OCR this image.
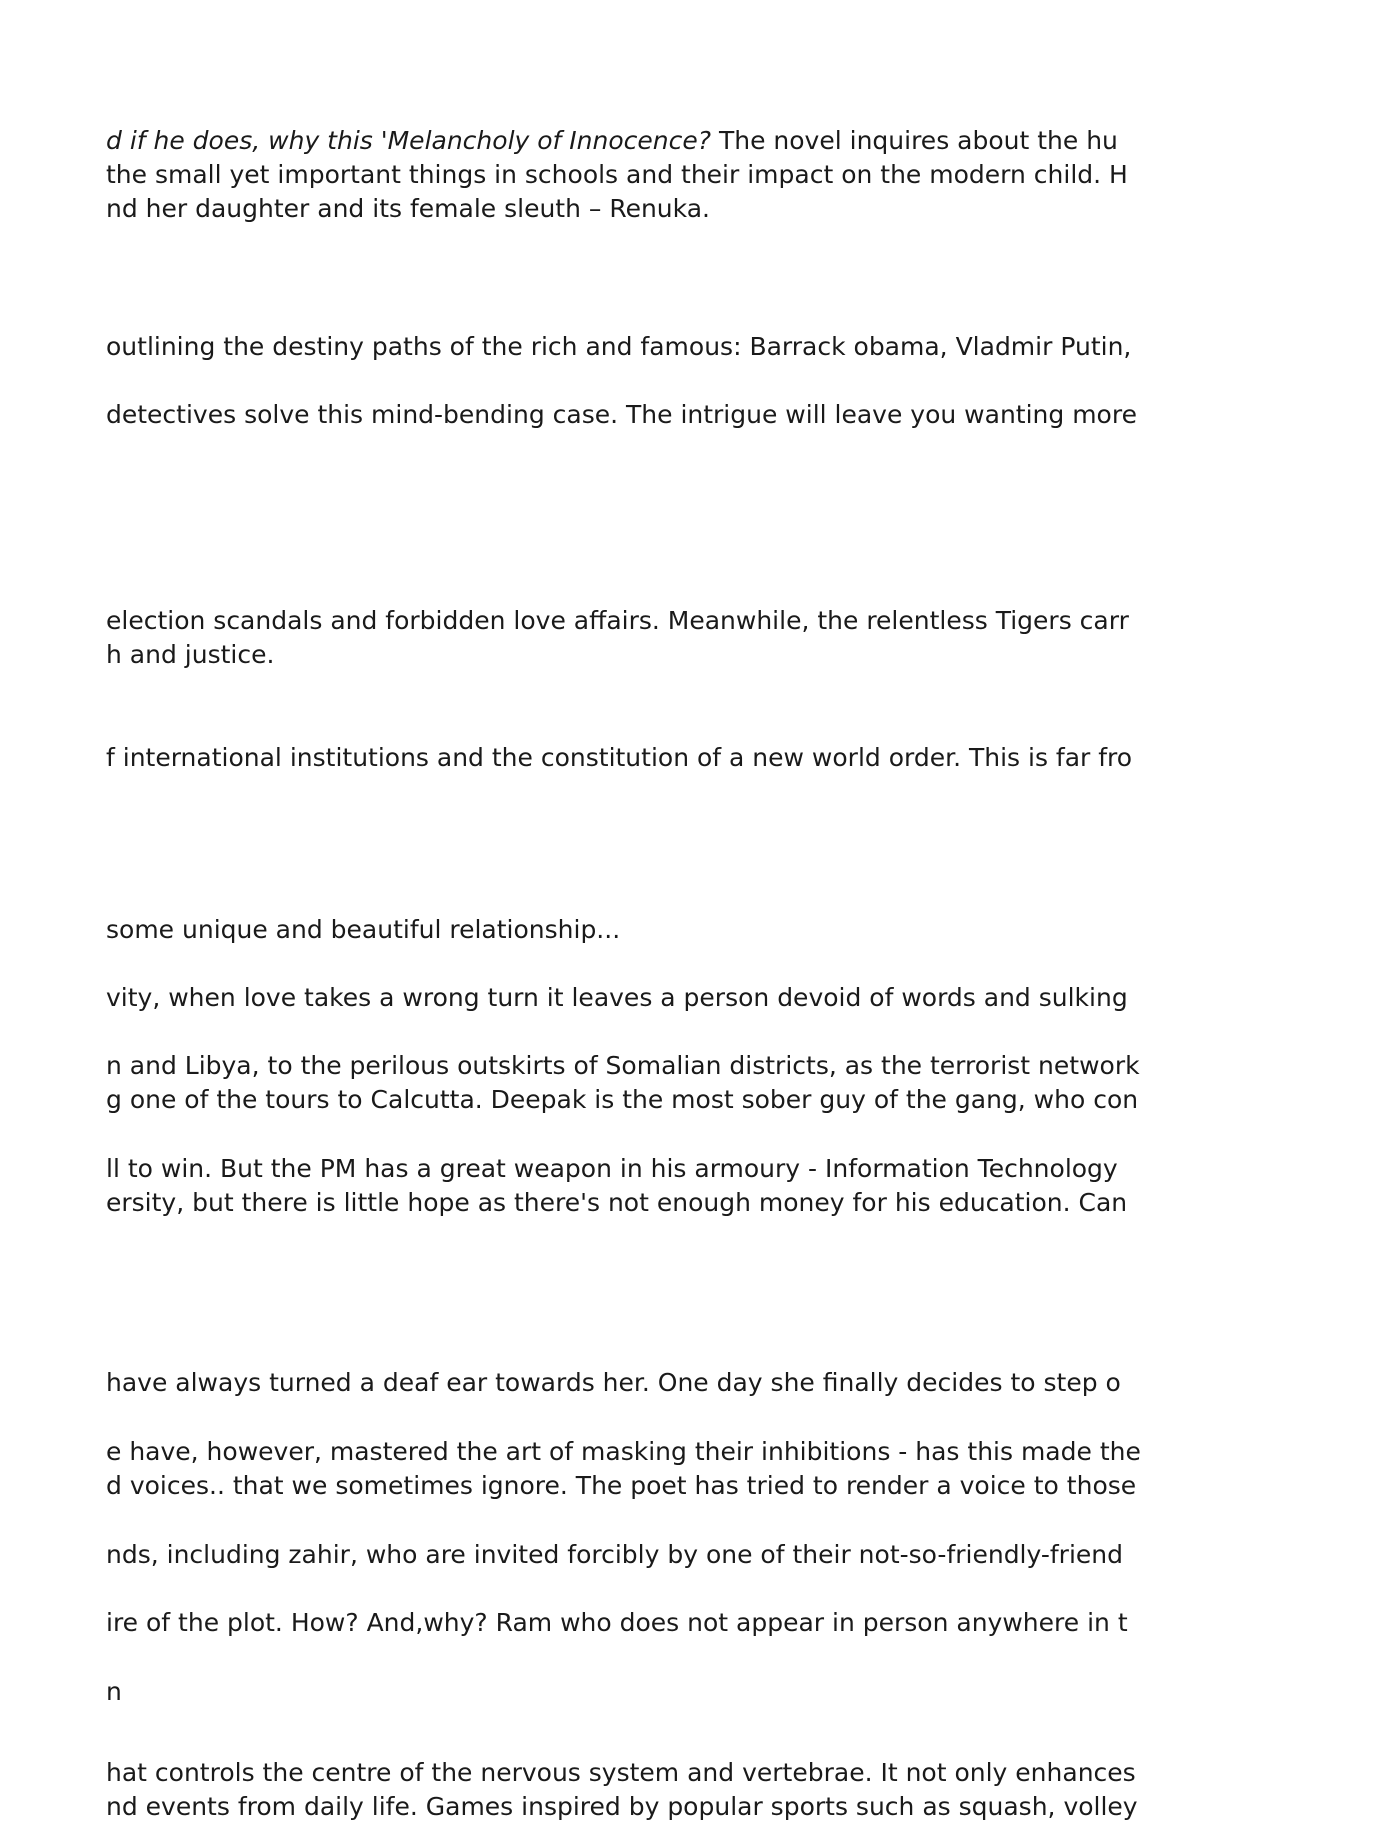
d if he does, why this 'Melancholy of Innocence? The novel inquires about the hu
the small yet important things in schools and their impact on the modern child. H
nd her daughter and its female sleuth – Renuka.
outlining the destiny paths of the rich and famous: Barrack obama, Vladmir Putin,
detectives solve this mind-bending case. The intrigue will leave you wanting more
election scandals and forbidden love affairs. Meanwhile, the relentless Tigers carr
h and justice.
f international institutions and the constitution of a new world order. This is far fro
some unique and beautiful relationship...
vity, when love takes a wrong turn it leaves a person devoid of words and sulking
n and Libya, to the perilous outskirts of Somalian districts, as the terrorist network
g one of the tours to Calcutta. Deepak is the most sober guy of the gang, who con
ll to win. But the PM has a great weapon in his armoury - Information Technology
ersity, but there is little hope as there's not enough money for his education. Can
have always turned a deaf ear towards her. One day she finally decides to step o
e have, however, mastered the art of masking their inhibitions - has this made the
d voices.. that we sometimes ignore. The poet has tried to render a voice to those
nds, including zahir, who are invited forcibly by one of their not-so-friendly-friend
ire of the plot. How? And,why? Ram who does not appear in person anywhere in t
n
hat controls the centre of the nervous system and vertebrae. It not only enhances
nd events from daily life. Games inspired by popular sports such as squash, volley
